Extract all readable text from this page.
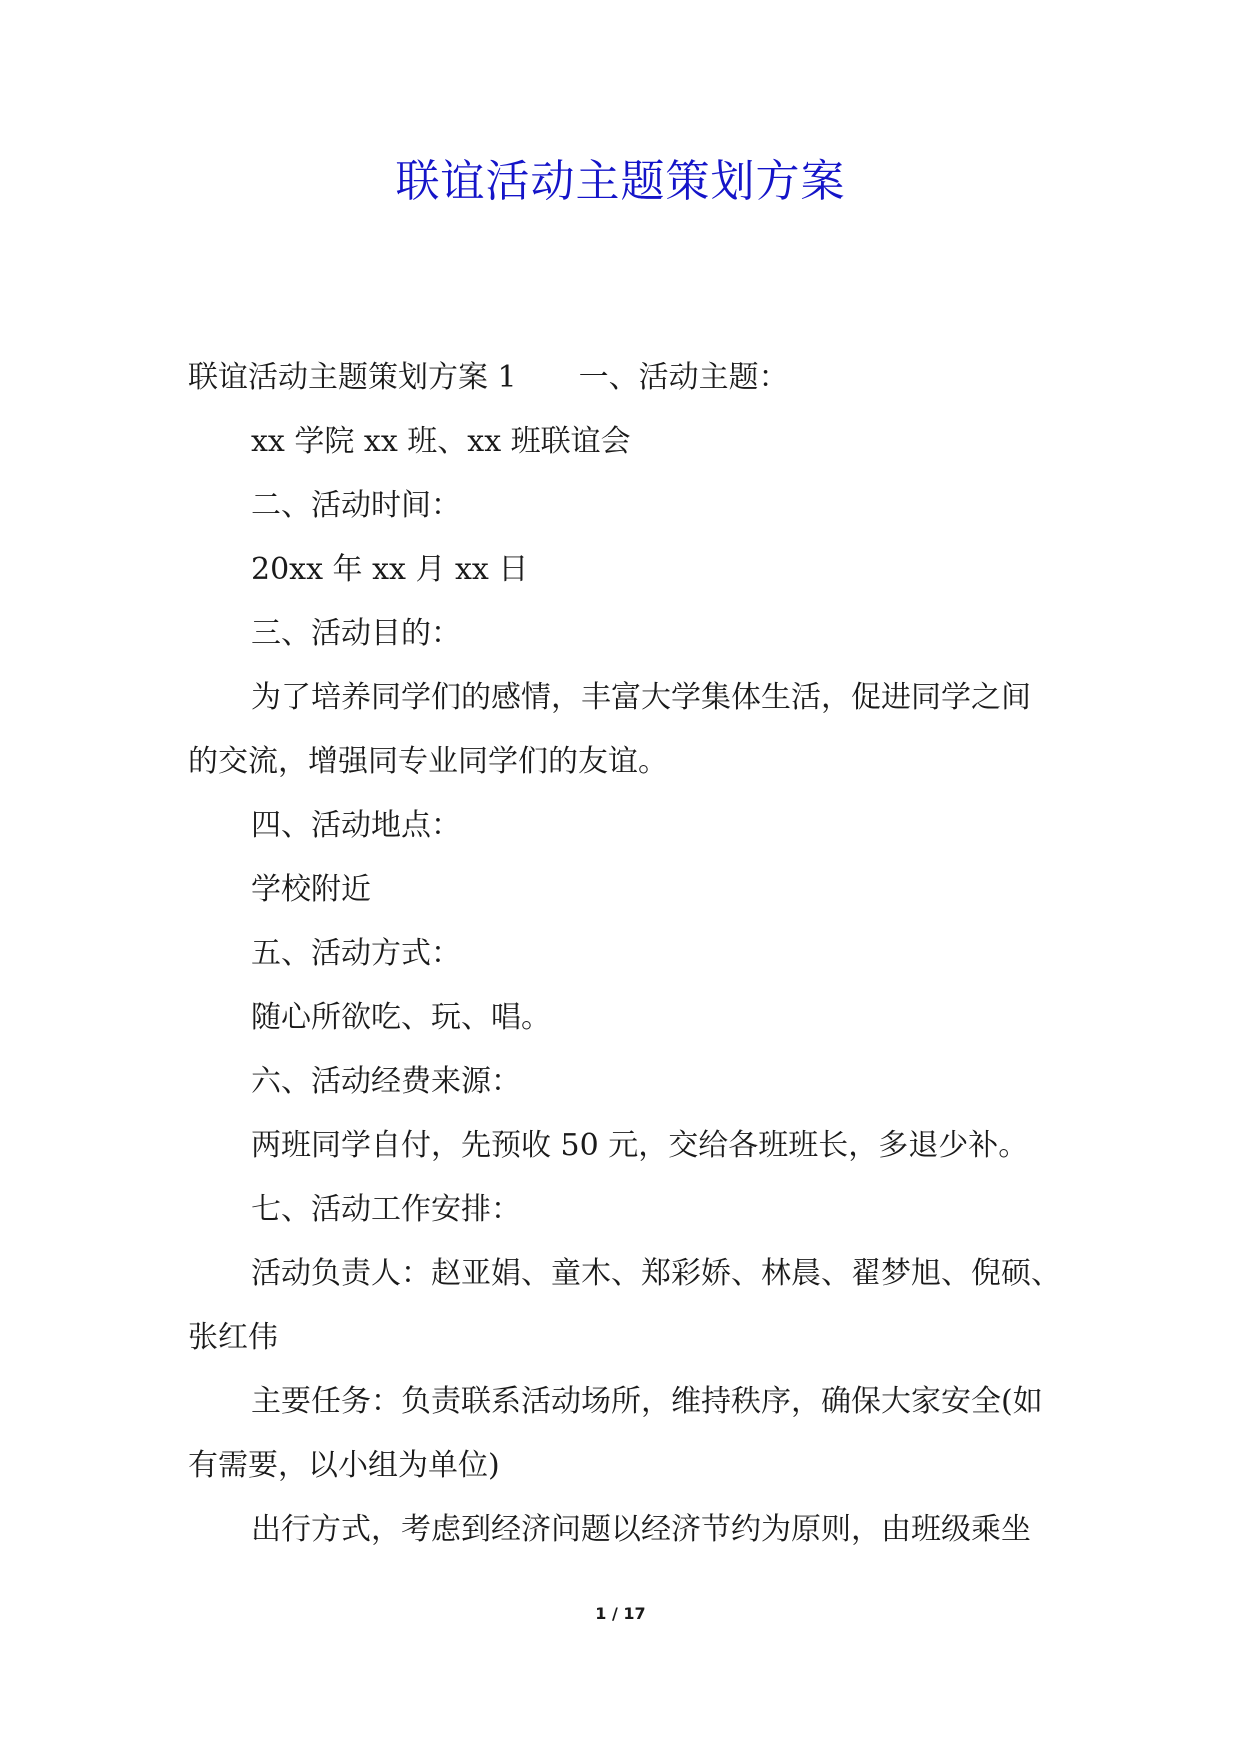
联谊活动主题策划方案
联谊活动主题策划方案 1 一、活动主题：
xx 学院 xx 班、xx 班联谊会
二、活动时间：
20xx 年 xx 月 xx 日
三、活动目的：
为了培养同学们的感情，丰富大学集体生活，促进同学之间
的交流，增强同专业同学们的友谊。
四、活动地点：
学校附近
五、活动方式：
随心所欲吃、玩、唱。
六、活动经费来源：
两班同学自付，先预收 50 元，交给各班班长，多退少补。
七、活动工作安排：
活动负责人：赵亚娟、童木、郑彩娇、林晨、翟梦旭、倪硕、
张红伟
主要任务：负责联系活动场所，维持秩序，确保大家安全(如
有需要，以小组为单位)
出行方式，考虑到经济问题以经济节约为原则，由班级乘坐
1 / 17
